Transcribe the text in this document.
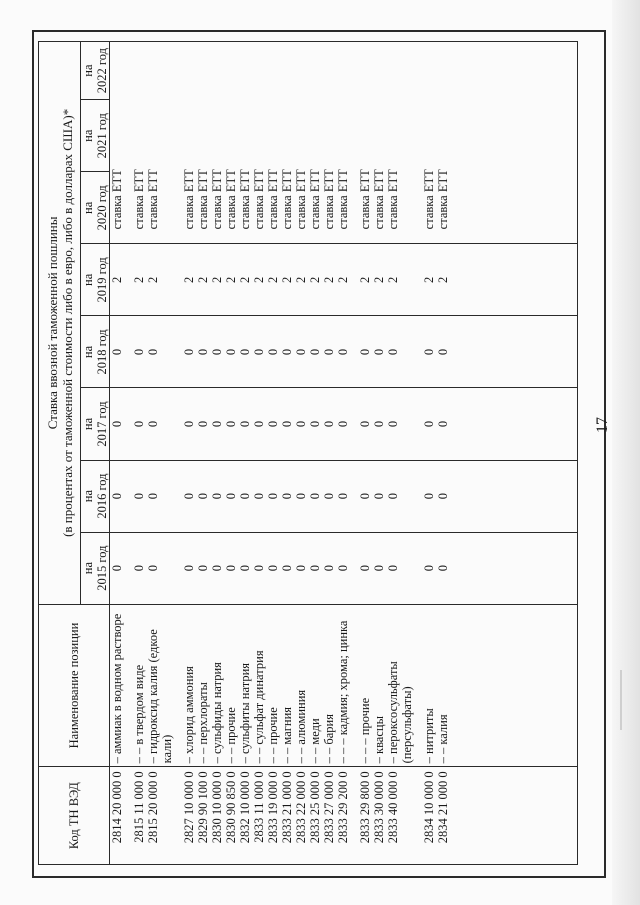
Код ТН ВЭД	Наименование позиции	Ставка ввозной таможенной пошлины (в процентах от таможенной стоимости либо в евро, либо в долларах США)*							

		на	на	на	на	на	на	на	на
		2015 год	2016 год	2017 год	2018 год	2019 год	2020 год	2021 год	2022 год
2814 20 000 0	– аммиак в водном растворе	0	0	0	0	2	ставка ЕТТ		

2815 11 000 0	– – в твердом виде	0	0	0	0	2	ставка ЕТТ		
2815 20 000 0	– гидроксид калия (едкое кали)	0	0	0	0	2	ставка ЕТТ		

2827 10 000 0	– хлорид аммония	0	0	0	0	2	ставка ЕТТ		
2829 90 100 0	– – перхлораты	0	0	0	0	2	ставка ЕТТ		
2830 10 000 0	– сульфиды натрия	0	0	0	0	2	ставка ЕТТ		
2830 90 850 0	– – прочие	0	0	0	0	2	ставка ЕТТ		
2832 10 000 0	– сульфиты натрия	0	0	0	0	2	ставка ЕТТ		
2833 11 000 0	– – сульфат динатрия	0	0	0	0	2	ставка ЕТТ		
2833 19 000 0	– – прочие	0	0	0	0	2	ставка ЕТТ		
2833 21 000 0	– – магния	0	0	0	0	2	ставка ЕТТ		
2833 22 000 0	– – алюминия	0	0	0	0	2	ставка ЕТТ		
2833 25 000 0	– – меди	0	0	0	0	2	ставка ЕТТ		
2833 27 000 0	– – бария	0	0	0	0	2	ставка ЕТТ		
2833 29 200 0	– – – кадмия; хрома; цинка	0	0	0	0	2	ставка ЕТТ		

2833 29 800 0	– – – прочие	0	0	0	0	2	ставка ЕТТ		
2833 30 000 0	– квасцы	0	0	0	0	2	ставка ЕТТ		
2833 40 000 0	– пероксосульфаты (персульфаты)	0	0	0	0	2	ставка ЕТТ		

2834 10 000 0	– нитриты	0	0	0	0	2	ставка ЕТТ		
2834 21 000 0	– – калия	0	0	0	0	2	ставка ЕТТ		

17
